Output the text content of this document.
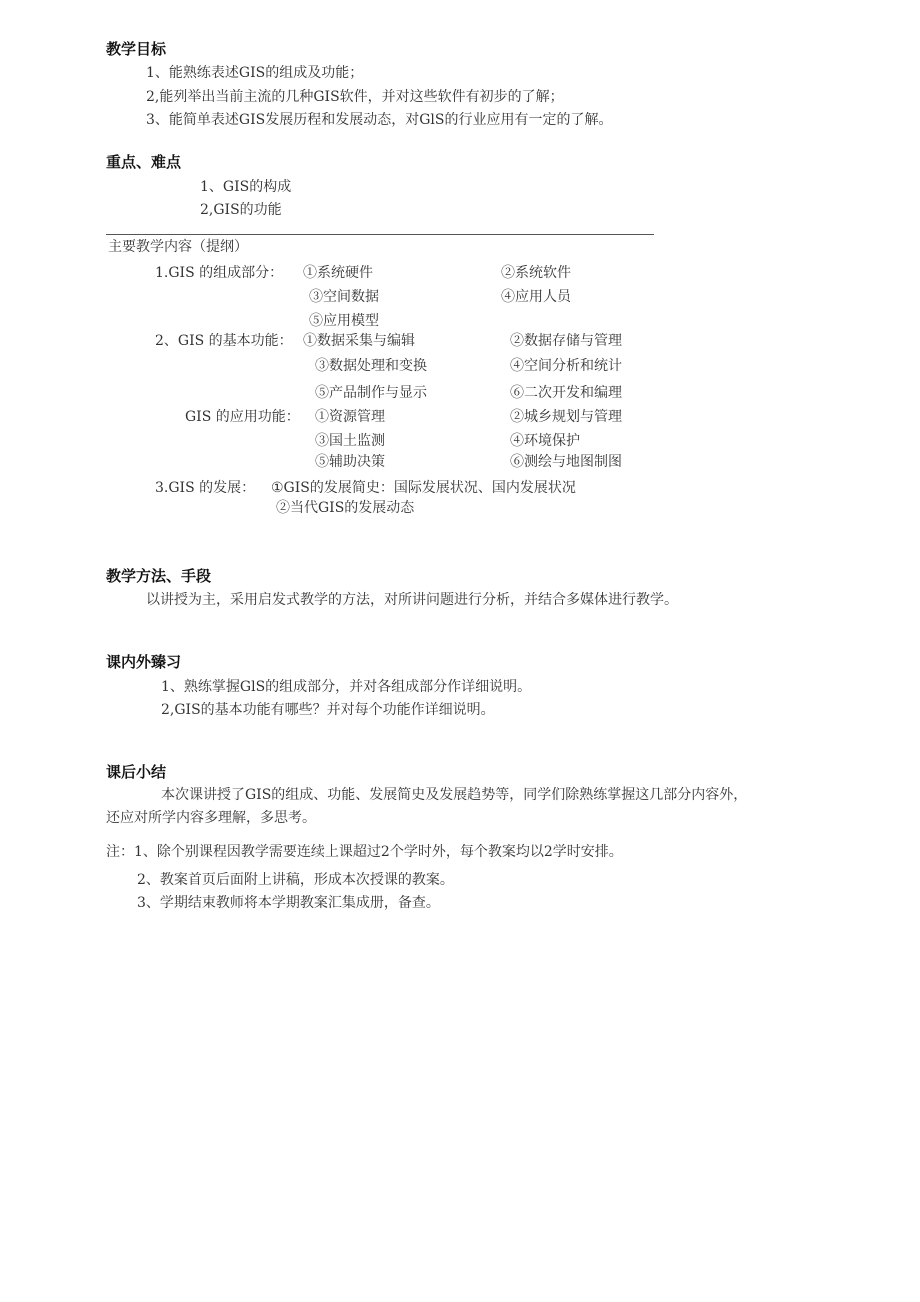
教学目标
1、能熟练表述GIS的组成及功能；
2,能列举出当前主流的几种GIS软件，并对这些软件有初步的了解；
3、能简单表述GIS发展历程和发展动态，对GlS的行业应用有一定的了解。
重点、难点
1、GIS的构成
2,GIS的功能
主要教学内容（提纲）
1.GIS 的组成部分： ①系统硬件	②系统软件
③空间数据	④应用人员
⑤应用模型
2、GIS 的基本功能： ①数据采集与编辑	②数据存储与管理
③数据处理和变换	④空间分析和统计
⑤产品制作与显示	⑥二次开发和编理
GIS 的应用功能： ①资源管理	②城乡规划与管理
③国土监测	④环境保护
⑤辅助决策	⑥测绘与地图制图
3.GIS 的发展： ①GIS的发展简史：国际发展状况、国内发展状况
②当代GIS的发展动态
教学方法、手段
以讲授为主，采用启发式教学的方法，对所讲问题进行分析，并结合多媒体进行教学。
课内外臻习
1、熟练掌握GlS的组成部分，并对各组成部分作详细说明。
2,GIS的基本功能有哪些？并对每个功能作详细说明。
课后小结
本次课讲授了GIS的组成、功能、发展简史及发展趋势等，同学们除熟练掌握这几部分内容外，
还应对所学内容多理解，多思考。
注：1、除个别课程因教学需要连续上课超过2个学时外，每个教案均以2学时安排。
2、教案首页后面附上讲稿，形成本次授课的教案。
3、学期结束教师将本学期教案汇集成册，备查。
